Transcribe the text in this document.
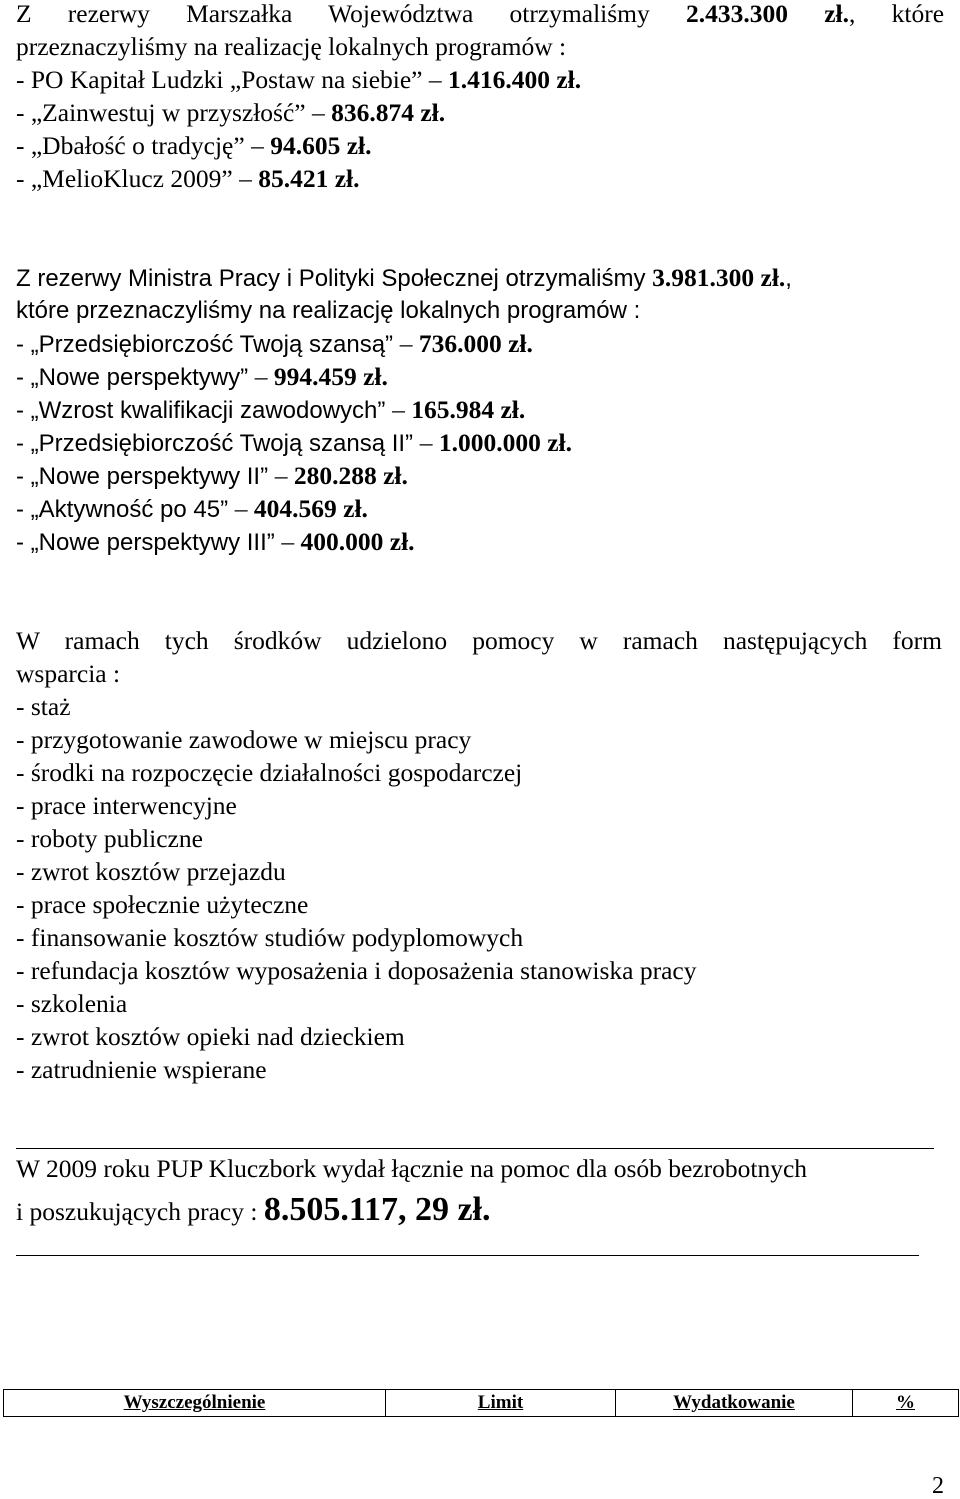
Z rezerwy Marszałka Województwa otrzymaliśmy 2.433.300 zł., które
przeznaczyliśmy na realizację lokalnych programów :
- PO Kapitał Ludzki „Postaw na siebie” – 1.416.400 zł.
- „Zainwestuj w przyszłość” – 836.874 zł.
- „Dbałość o tradycję” – 94.605 zł.
- „MelioKlucz 2009” – 85.421 zł.
Z rezerwy Ministra Pracy i Polityki Społecznej otrzymaliśmy 3.981.300 zł.,
które przeznaczyliśmy na realizację lokalnych programów :
- „Przedsiębiorczość Twoją szansą” – 736.000 zł.
- „Nowe perspektywy” – 994.459 zł.
- „Wzrost kwalifikacji zawodowych” – 165.984 zł.
- „Przedsiębiorczość Twoją szansą II” – 1.000.000 zł.
- „Nowe perspektywy II” – 280.288 zł.
- „Aktywność po 45” – 404.569 zł.
- „Nowe perspektywy III” – 400.000 zł.
W ramach tych środków udzielono pomocy w ramach następujących form
wsparcia :
- staż
- przygotowanie zawodowe w miejscu pracy
- środki na rozpoczęcie działalności gospodarczej
- prace interwencyjne
- roboty publiczne
- zwrot kosztów przejazdu
- prace społecznie użyteczne
- finansowanie kosztów studiów podyplomowych
- refundacja kosztów wyposażenia i doposażenia stanowiska pracy
- szkolenia
- zwrot kosztów opieki nad dzieckiem
- zatrudnienie wspierane
W 2009 roku PUP Kluczbork wydał łącznie na pomoc dla osób bezrobotnych
i poszukujących pracy : 8.505.117, 29 zł.
Wyszczególnienie	Limit	Wydatkowanie	%
2
